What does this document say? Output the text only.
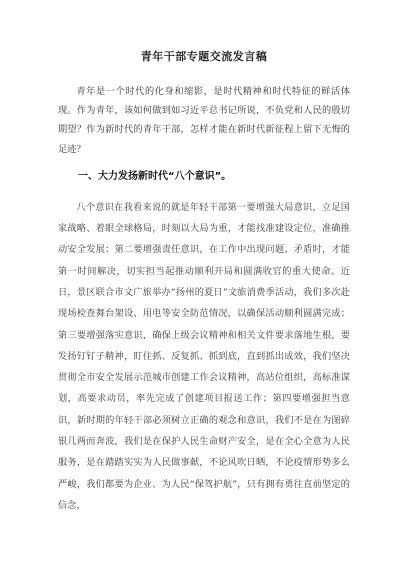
青年干部专题交流发言稿

青年是一个时代的化身和缩影，是时代精神和时代特征的鲜活体现。作为青年，该如何做到如习近平总书记所说，不负党和人民的殷切期望？作为新时代的青年干部，怎样才能在新时代新征程上留下无悔的足迹？

一、大力发扬新时代“八个意识”。

八个意识在我看来说的就是年轻干部第一要增强大局意识，立足国家战略、着眼全球格局，时刻以大局为重，才能找准建设定位，准确推动安全发展；第二要增强责任意识，在工作中出现问题、矛盾时，才能第一时间解决，切实担当起推动顺利开局和圆满收官的重大使命。近日，景区联合市文广旅举办“扬州的夏日”文旅消费季活动，我们多次赴现场检查舞台架设、用电等安全防范情况，以确保活动顺利圆满完成；第三要增强落实意识，确保上级会议精神和相关文件要求落地生根，要发扬钉钉子精神，盯住抓、反复抓、抓到底，直到抓出成效，我们坚决贯彻全市安全发展示范城市创建工作会议精神，高站位组织，高标准谋划，高要求动员，率先完成了创建项目报送工作；第四要增强担当意识，新时期的年轻干部必须树立正确的观念和意识，我们不是在为图碎银几两而奔波，我们是在保护人民生命财产安全，是在全心全意为人民服务，是在踏踏实实为人民做事献，不论风吹日晒，不论疫情形势多么严峻，我们都要为企业、为人民“保驾护航”，只有拥有勇往直前坚定的信念，
